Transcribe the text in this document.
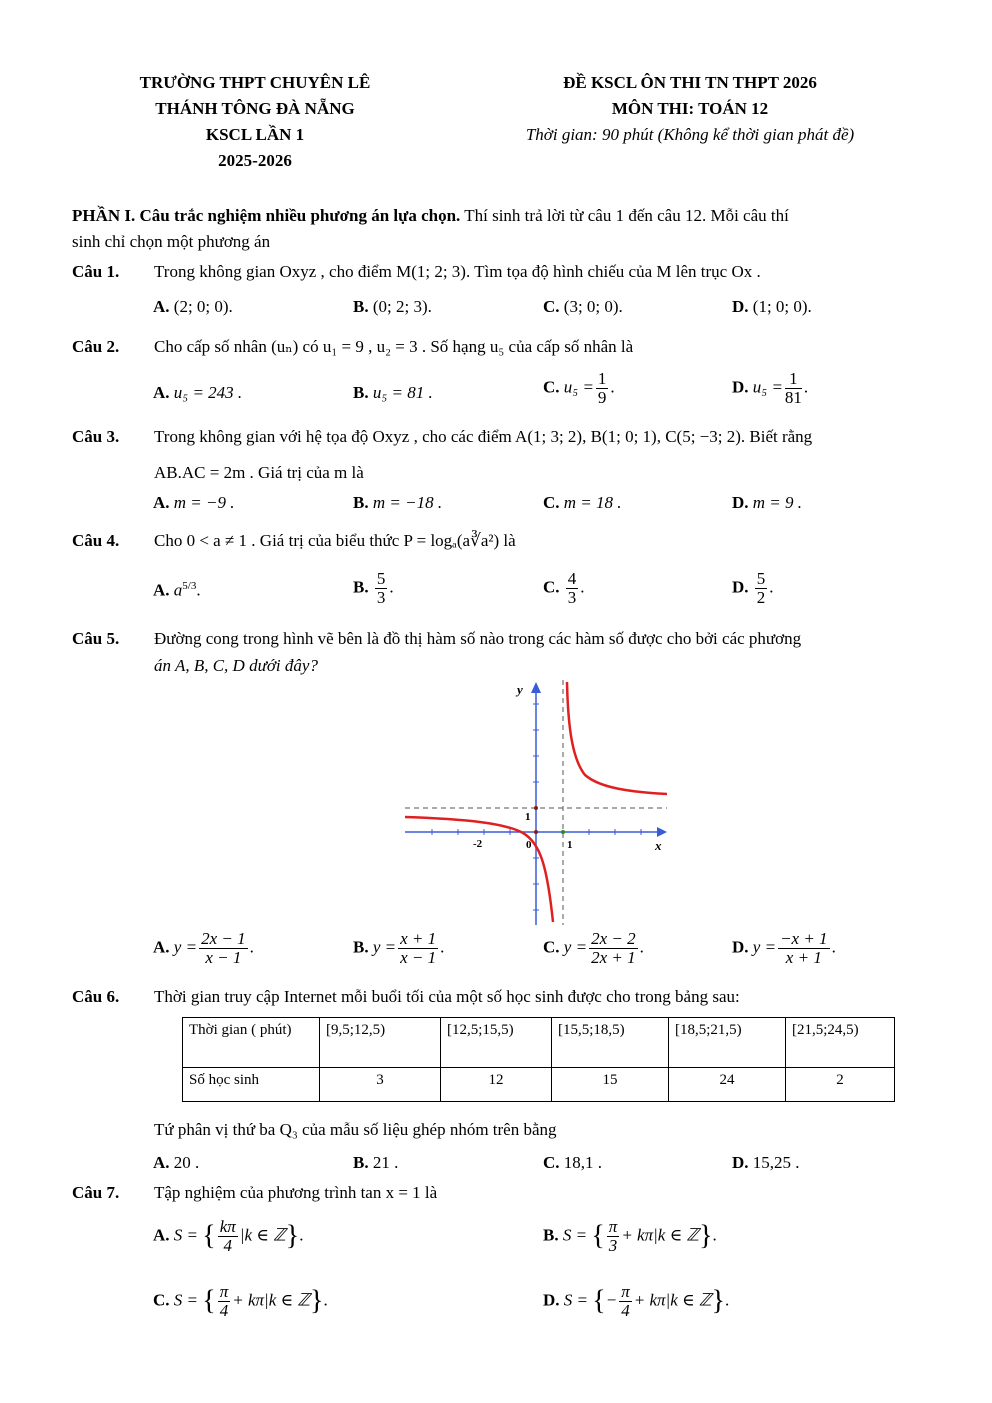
TRƯỜNG THPT CHUYÊN LÊ
THÁNH TÔNG ĐÀ NẴNG
KSCL LẦN 1
2025-2026
ĐỀ KSCL ÔN THI TN THPT 2026
MÔN THI: TOÁN 12
Thời gian: 90 phút (Không kể thời gian phát đề)
PHẦN I. Câu trắc nghiệm nhiều phương án lựa chọn. Thí sinh trả lời từ câu 1 đến câu 12. Mỗi câu thí
sinh chỉ chọn một phương án
Câu 1. Trong không gian Oxyz , cho điểm M(1; 2; 3). Tìm tọa độ hình chiếu của M lên trục Ox .
A. (2; 0; 0).	B. (0; 2; 3).	C. (3; 0; 0).	D. (1; 0; 0).
Câu 2. Cho cấp số nhân (uₙ) có u₁ = 9 , u₂ = 3 . Số hạng u₅ của cấp số nhân là
A. u₅ = 243 .	B. u₅ = 81 .	C. $u_5 = \frac{1}{9}$ .	D. $u_5 = \frac{1}{81}$ .
Câu 3. Trong không gian với hệ tọa độ Oxyz , cho các điểm A(1; 3; 2), B(1; 0; 1), C(5; −3; 2). Biết rằng
AB.AC = 2m . Giá trị của m là
A. m = −9 .	B. m = −18 .	C. m = 18 .	D. m = 9 .
Câu 4. Cho 0 < a ≠ 1 . Giá trị của biểu thức P = logₐ(a∛a²) là
A. $a^{5/3}$.	B. $\frac{5}{3}$ .	C. $\frac{4}{3}$ .	D. $\frac{5}{2}$ .
Câu 5. Đường cong trong hình vẽ bên là đồ thị hàm số nào trong các hàm số được cho bởi các phương
án A, B, C, D dưới đây?
y
x
1
-2	0	1
A. $y = \frac{2x - 1}{x - 1}$ .	B. $y = \frac{x + 1}{x - 1}$ .	C. $y = \frac{2x - 2}{2x + 1}$ .	D. $y = \frac{-x + 1}{x + 1}$ .
Câu 6. Thời gian truy cập Internet mỗi buổi tối của một số học sinh được cho trong bảng sau:
Thời gian ( phút)	[9,5;12,5)	[12,5;15,5)	[15,5;18,5)	[18,5;21,5)	[21,5;24,5)
Số học sinh	3	12	15	24	2
Tứ phân vị thứ ba Q₃ của mẫu số liệu ghép nhóm trên bằng
A. 20 .	B. 21 .	C. 18,1 .	D. 15,25 .
Câu 7. Tập nghiệm của phương trình tan x = 1 là
A. S = { $\frac{k\pi}{4} |k$ ∈ ℤ}.	B. S = { $\frac{\pi}{3} + k\pi|k$ ∈ ℤ}.
C. S = { $\frac{\pi}{4} + k\pi|k$ ∈ ℤ}.	D. S = {− $\frac{\pi}{4} + k\pi|k$ ∈ ℤ}.
